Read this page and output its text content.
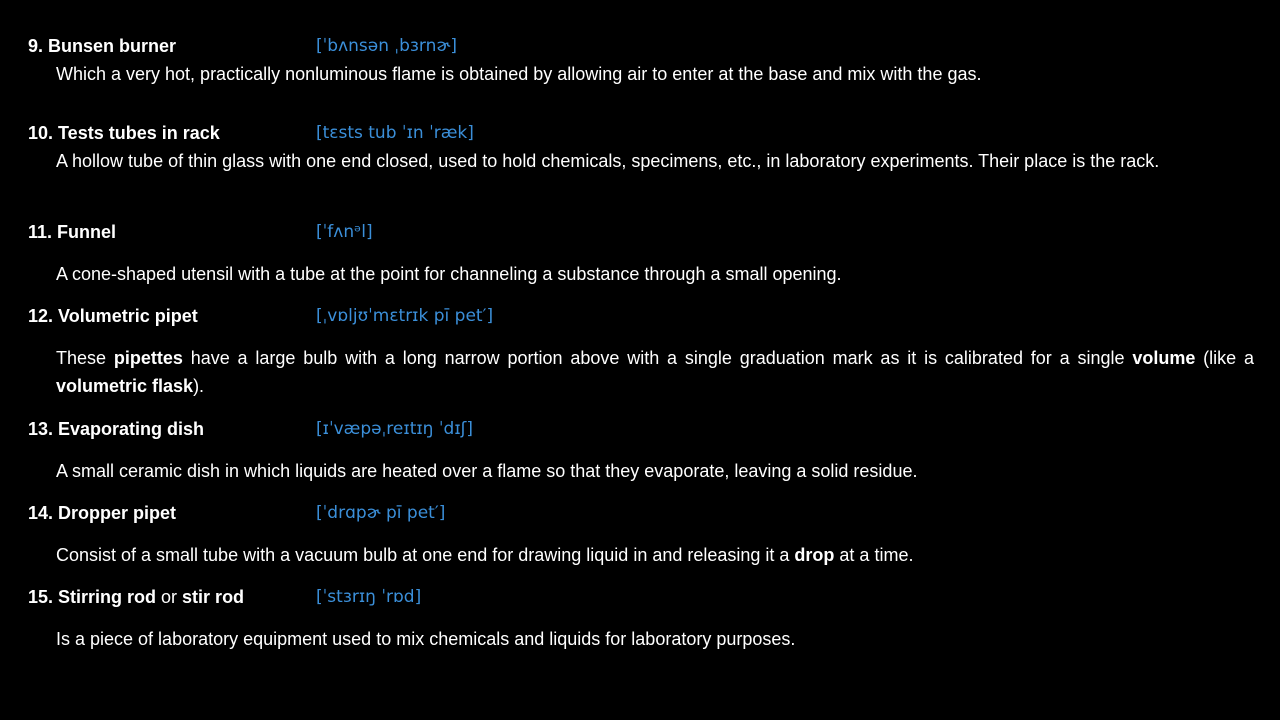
9. Bunsen burner	[ˈbʌnsən ˌbɜrnɚ]
Which a very hot, practically nonluminous flame is obtained by allowing air to enter at the base and mix with the gas.
10. Tests tubes in rack	[tɛsts tub ˈɪn ˈræk]
A hollow tube of thin glass with one end closed, used to hold chemicals, specimens, etc., in laboratory experiments. Their place is the rack.
11. Funnel	[ˈfʌnᵊl]
A cone-shaped utensil with a tube at the point for channeling a substance through a small opening.
12. Volumetric pipet	[ˌvɒljʊˈmɛtrɪk pī pet′]
These pipettes have a large bulb with a long narrow portion above with a single graduation mark as it is calibrated for a single volume (like a volumetric flask).
13. Evaporating dish	[ɪˈvæpəˌreɪtɪŋ ˈdɪʃ]
A small ceramic dish in which liquids are heated over a flame so that they evaporate, leaving a solid residue.
14. Dropper pipet	[ˈdrɑpɚ pī pet′]
Consist of a small tube with a vacuum bulb at one end for drawing liquid in and releasing it a drop at a time.
15. Stirring rod or stir rod	[ˈstɜrɪŋ ˈrɒd]
Is a piece of laboratory equipment used to mix chemicals and liquids for laboratory purposes.
